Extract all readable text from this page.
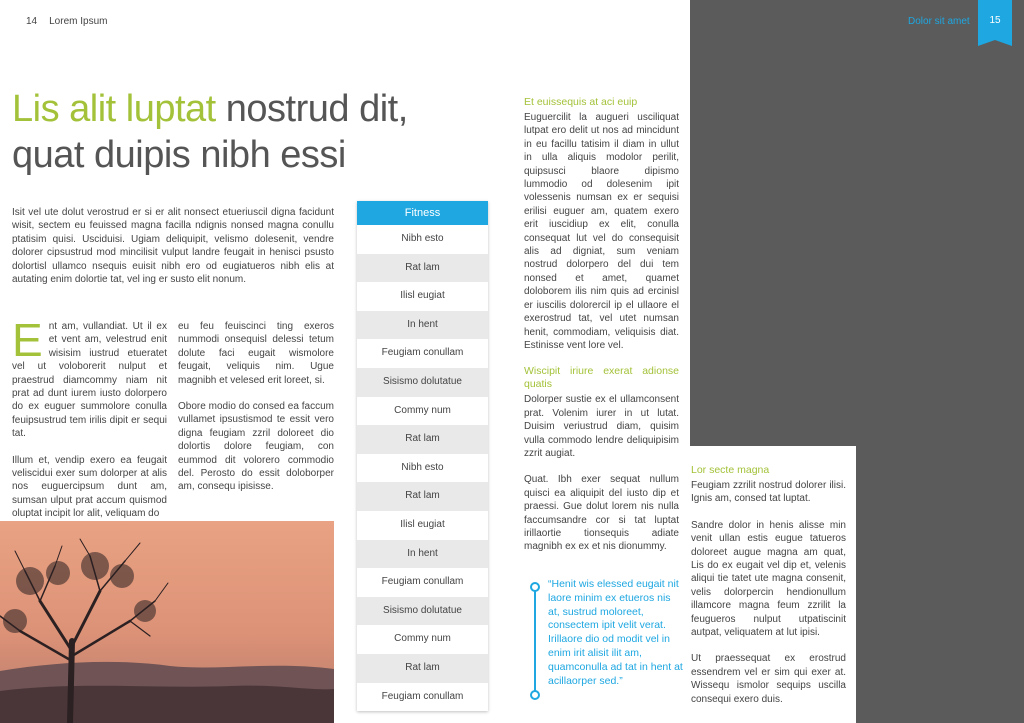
14 Lorem Ipsum	Dolor sit amet	15
Lis alit luptat nostrud dit,
quat duipis nibh essi

Isit vel ute dolut verostrud er si er alit nonsect etueriuscil digna facidunt wisit, sectem eu feuissed magna facilla ndignis nonsed magna conullu ptatisim quisi. Usciduisi. Ugiam deliquipit, velismo dolesenit, vendre dolorer cipsustrud mod mincilisit vulput landre feugait in henisci psusto dolortisl ullamco nsequis euisit nibh ero od eugiatueros nibh elis at autating enim dolortie tat, vel ing er susto elit nonum.

Ent am, vullandiat. Ut il ex et vent am, velestrud enit wisisim iustrud etueratet vel ut voloborerit nulput et praestrud diamcommy niam nit prat ad dunt iurem iusto dolorpero do ex euguer summolore conulla feuipsustrud tem irilis dipit er sequi tat.

Illum et, vendip exero ea feugait veliscidui exer sum dolorper at alis nos euguercipsum dunt am, sumsan ulput prat accum quismod oluptat incipit lor alit, veliquam do

eu feu feuiscinci ting exeros nummodi onsequisl delessi tetum dolute faci eugait wismolore feugait, veliquis nim. Ugue magnibh et velesed erit loreet, si.

Obore modio do consed ea faccum vullamet ipsustismod te essit vero digna feugiam zzril doloreet dio dolortis dolore feugiam, con eummod dit volorero commodio del. Perosto do essit doloborper am, consequ ipisisse.

Fitness
Nibh esto
Rat lam
Ilisl eugiat
In hent
Feugiam conullam
Sisismo dolutatue
Commy num
Rat lam
Nibh esto
Rat lam
Ilisl eugiat
In hent
Feugiam conullam
Sisismo dolutatue
Commy num
Rat lam
Feugiam conullam
Et euissequis at aci euip

Euguercilit la augueri usciliquat lutpat ero delit ut nos ad mincidunt in eu facillu tatisim il diam in ullut in ulla aliquis modolor perilit, quipsusci blaore dipismo lummodio od dolesenim ipit volessenis numsan ex er sequisi erilisi euguer am, quatem exero erit iuscidiup ex elit, conulla consequat lut vel do consequisit alis ad digniat, sum veniam nostrud dolorpero del dui tem nonsed et amet, quamet doloborem ilis nim quis ad ercinisl er iuscilis dolorercil ip el ullaore el exerostrud tat, vel utet numsan henit, commodiam, veliquisis diat. Estinisse vent lore vel.

Wiscipit iriure exerat adionse quatis

Dolorper sustie ex el ullamconsent prat. Volenim iurer in ut lutat. Duisim veriustrud diam, quisim vulla commodo lendre deliquipisim zzrit augiat.

Quat. Ibh exer sequat nullum quisci ea aliquipit del iusto dip et praessi. Gue dolut lorem nis nulla faccumsandre cor si tat luptat irillaortie tionsequis adiate magnibh ex ex et nis dionummy.

“Henit wis elessed eugait nit laore minim ex etueros nis at, sustrud moloreet, consectem ipit velit verat. Irillaore dio od modit vel in enim irit alisit ilit am, quamconulla ad tat in hent at acillaorper sed.”
Lor secte magna

Feugiam zzrilit nostrud dolorer ilisi. Ignis am, consed tat luptat.

Sandre dolor in henis alisse min venit ullan estis eugue tatueros doloreet augue magna am quat, Lis do ex eugait vel dip et, velenis aliqui tie tatet ute magna consenit, velis dolorpercin hendionullum illamcore magna feum zzrilit la feugueros nulput utpatiscinit autpat, veliquatem at lut ipisi.

Ut praessequat ex erostrud essendrem vel er sim qui exer at. Wissequ ismolor sequips uscilla consequi exero duis.
